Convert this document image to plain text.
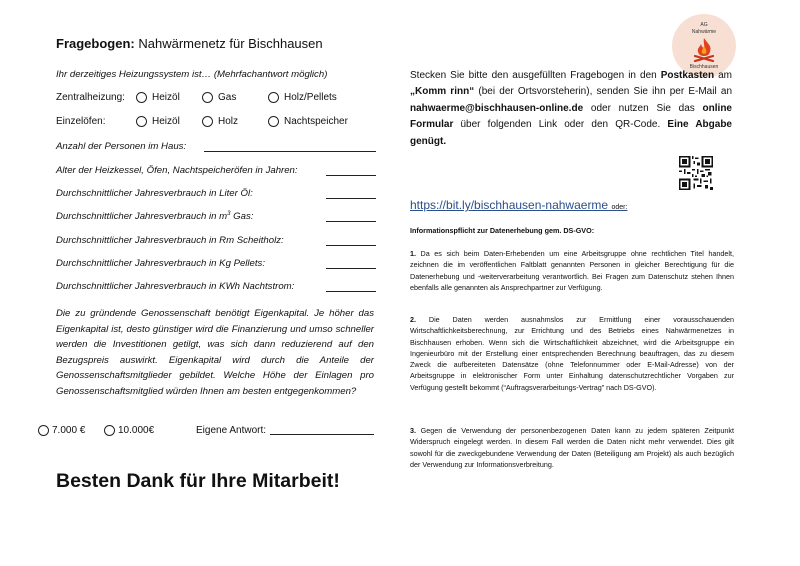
Fragebogen: Nahwärmenetz für Bischhausen
Ihr derzeitiges Heizungssystem ist… (Mehrfachantwort möglich)
Zentralheizung:	Heizöl	Gas	Holz/Pellets
Einzelöfen:	Heizöl	Holz	Nachtspeicher
Anzahl der Personen im Haus:
Alter der Heizkessel, Öfen, Nachtspeicheröfen in Jahren:
Durchschnittlicher Jahresverbrauch in Liter Öl:
Durchschnittlicher Jahresverbrauch in $m^3$ Gas:
Durchschnittlicher Jahresverbrauch in Rm Scheitholz:
Durchschnittlicher Jahresverbrauch in Kg Pellets:
Durchschnittlicher Jahresverbrauch in KWh Nachtstrom:
Die zu gründende Genossenschaft benötigt Eigenkapital. Je höher das Eigenkapital ist, desto günstiger wird die Finanzierung und umso schneller werden die Investitionen getilgt, was sich dann reduzierend auf den Bezugspreis auswirkt. Eigenkapital wird durch die Anteile der Genossenschaftsmitglieder gebildet. Welche Höhe der Einlagen pro Genossenschaftsmitglied würden Ihnen am besten entgegenkommen?
7.000 €	10.000€	Eigene Antwort:
Besten Dank für Ihre Mitarbeit!
AG
Nahwärme
Bischhausen
Stecken Sie bitte den ausgefüllten Fragebogen in den Postkasten am „Komm rinn“ (bei der Ortsvorsteherin), senden Sie ihn per E-Mail an nahwaerme@bischhausen-online.de oder nutzen Sie das online Formular über folgenden Link oder den QR-Code. Eine Abgabe genügt.
https://bit.ly/bischhausen-nahwaerme oder:
Informationspflicht zur Datenerhebung gem. DS-GVO:
1. Da es sich beim Daten-Erhebenden um eine Arbeitsgruppe ohne rechtlichen Titel handelt, zeichnen die im veröffentlichen Faltblatt genannten Personen in gleicher Berechtigung für die Datenerhebung und -weiterverarbeitung verantwortlich. Bei Fragen zum Datenschutz stehen Ihnen ebenfalls alle genannten als Ansprechpartner zur Verfügung.
2. Die Daten werden ausnahmslos zur Ermittlung einer vorausschauenden Wirtschaftlichkeitsberechnung, zur Errichtung und des Betriebs eines Nahwärmenetzes in Bischhausen erhoben. Wenn sich die Wirtschaftlichkeit abzeichnet, wird die Arbeitsgruppe ein Ingenieurbüro mit der Erstellung einer entsprechenden Berechnung beauftragen, das zu diesem Zweck die aufbereiteten Datensätze (ohne Telefonnummer oder E-Mail-Adresse) von der Arbeitsgruppe in elektronischer Form unter Einhaltung datenschutzrechtlicher Vorgaben zur Verfügung gestellt bekommt (“Auftragsverarbeitungs-Vertrag” nach DS-GVO).
3. Gegen die Verwendung der personenbezogenen Daten kann zu jedem späteren Zeitpunkt Widerspruch eingelegt werden. In diesem Fall werden die Daten nicht mehr verwendet. Dies gilt sowohl für die zweckgebundene Verwendung der Daten (Beteiligung am Projekt) als auch bezüglich der Verwendung zur Informationsverbreitung.
